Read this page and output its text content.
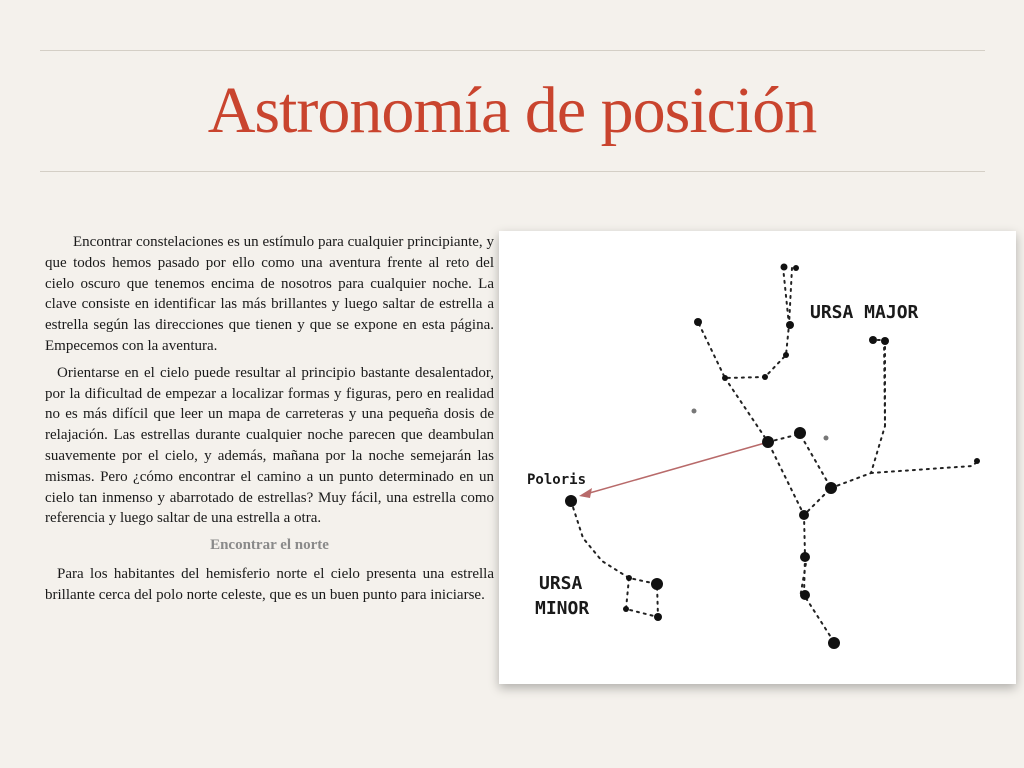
Astronomía de posición

Encontrar constelaciones es un estímulo para cualquier principiante, y que todos hemos pasado por ello como una aventura frente al reto del cielo oscuro que tenemos encima de nosotros para cualquier noche. La clave consiste en identificar las más brillantes y luego saltar de estrella a estrella según las direcciones que tienen y que se expone en esta página. Empecemos con la aventura.

Orientarse en el cielo puede resultar al principio bastante desalentador, por la dificultad de empezar a localizar formas y figuras, pero en realidad no es más difícil que leer un mapa de carreteras y una pequeña dosis de relajación. Las estrellas durante cualquier noche parecen que deambulan suavemente por el cielo, y además, mañana por la noche semejarán las mismas. Pero ¿cómo encontrar el camino a un punto determinado en un cielo tan inmenso y abarrotado de estrellas? Muy fácil, una estrella como referencia y luego saltar de una estrella a otra.

Encontrar el norte

Para los habitantes del hemisferio norte el cielo presenta una estrella brillante cerca del polo norte celeste, que es un buen punto para iniciarse.

URSA MAJOR
Poloris
URSA
MINOR
